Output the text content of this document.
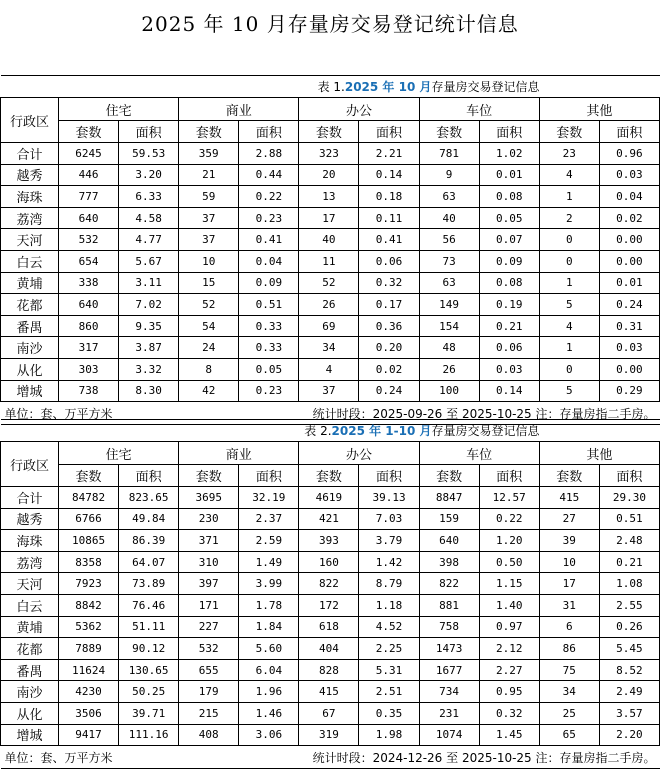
2025 年 10 月存量房交易登记统计信息
表 1.2025 年 10 月存量房交易登记信息										
行政区	住宅		商业		办公		车位		其他	
	套数	面积	套数	面积	套数	面积	套数	面积	套数	面积
合计	6245	59.53	359	2.88	323	2.21	781	1.02	23	0.96
越秀	446	3.20	21	0.44	20	0.14	9	0.01	4	0.03
海珠	777	6.33	59	0.22	13	0.18	63	0.08	1	0.04
荔湾	640	4.58	37	0.23	17	0.11	40	0.05	2	0.02
天河	532	4.77	37	0.41	40	0.41	56	0.07	0	0.00
白云	654	5.67	10	0.04	11	0.06	73	0.09	0	0.00
黄埔	338	3.11	15	0.09	52	0.32	63	0.08	1	0.01
花都	640	7.02	52	0.51	26	0.17	149	0.19	5	0.24
番禺	860	9.35	54	0.33	69	0.36	154	0.21	4	0.31
南沙	317	3.87	24	0.33	34	0.20	48	0.06	1	0.03
从化	303	3.32	8	0.05	4	0.02	26	0.03	0	0.00
增城	738	8.30	42	0.23	37	0.24	100	0.14	5	0.29
单位：套、万平方米			统计时段：2025-09-26 至 2025-10-25 注：存量房指二手房。							
表 2.2025 年 1-10 月存量房交易登记信息										
行政区	住宅		商业		办公		车位		其他	
	套数	面积	套数	面积	套数	面积	套数	面积	套数	面积
合计	84782	823.65	3695	32.19	4619	39.13	8847	12.57	415	29.30
越秀	6766	49.84	230	2.37	421	7.03	159	0.22	27	0.51
海珠	10865	86.39	371	2.59	393	3.79	640	1.20	39	2.48
荔湾	8358	64.07	310	1.49	160	1.42	398	0.50	10	0.21
天河	7923	73.89	397	3.99	822	8.79	822	1.15	17	1.08
白云	8842	76.46	171	1.78	172	1.18	881	1.40	31	2.55
黄埔	5362	51.11	227	1.84	618	4.52	758	0.97	6	0.26
花都	7889	90.12	532	5.60	404	2.25	1473	2.12	86	5.45
番禺	11624	130.65	655	6.04	828	5.31	1677	2.27	75	8.52
南沙	4230	50.25	179	1.96	415	2.51	734	0.95	34	2.49
从化	3506	39.71	215	1.46	67	0.35	231	0.32	25	3.57
增城	9417	111.16	408	3.06	319	1.98	1074	1.45	65	2.20
单位：套、万平方米			统计时段：2024-12-26 至 2025-10-25 注：存量房指二手房。							
